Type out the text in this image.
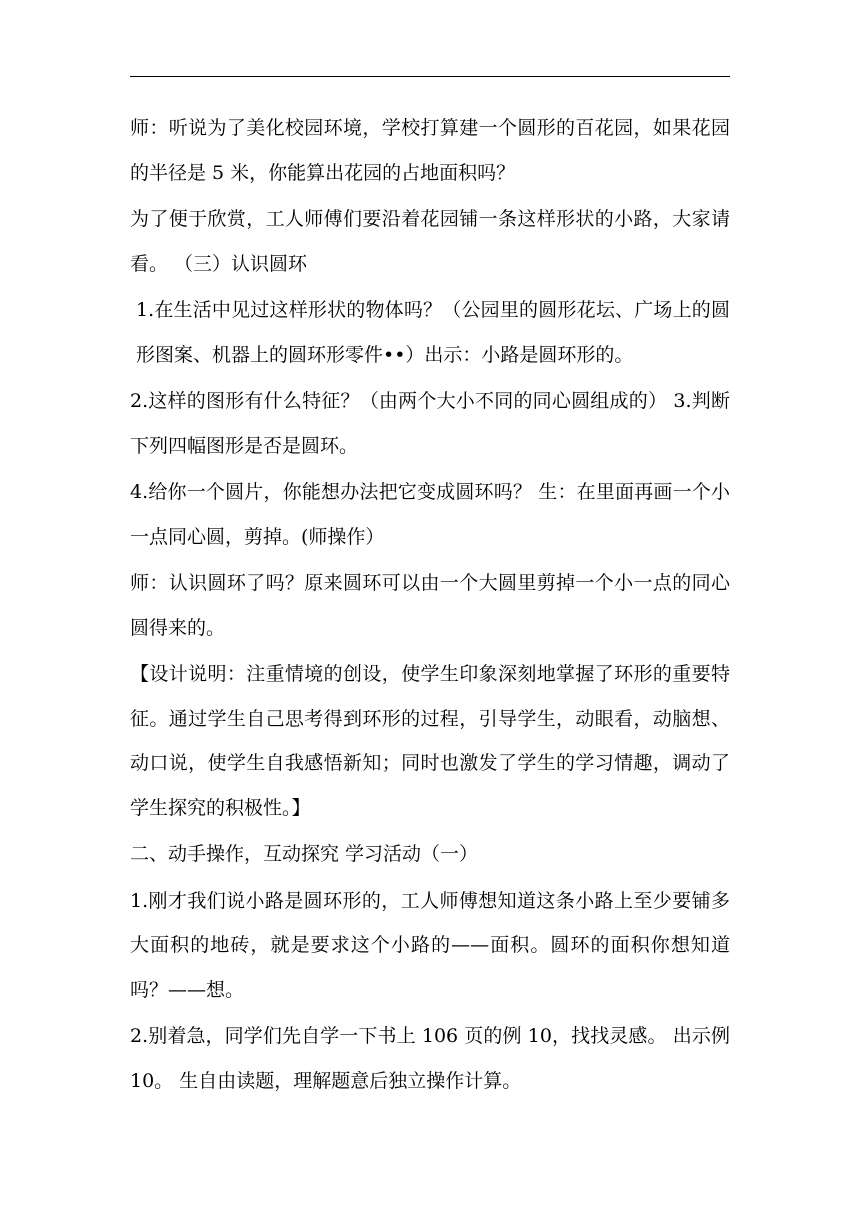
师：听说为了美化校园环境，学校打算建一个圆形的百花园，如果花园的半径是 5 米，你能算出花园的占地面积吗？

为了便于欣赏，工人师傅们要沿着花园铺一条这样形状的小路，大家请看。 （三）认识圆环

1.在生活中见过这样形状的物体吗？（公园里的圆形花坛、广场上的圆形图案、机器上的圆环形零件••）出示：小路是圆环形的。

2.这样的图形有什么特征？（由两个大小不同的同心圆组成的） 3.判断下列四幅图形是否是圆环。

4.给你一个圆片，你能想办法把它变成圆环吗？ 生：在里面再画一个小一点同心圆，剪掉。(师操作）

师：认识圆环了吗？原来圆环可以由一个大圆里剪掉一个小一点的同心圆得来的。

【设计说明：注重情境的创设，使学生印象深刻地掌握了环形的重要特征。通过学生自己思考得到环形的过程，引导学生，动眼看，动脑想、动口说，使学生自我感悟新知；同时也激发了学生的学习情趣，调动了学生探究的积极性。】

二、动手操作，互动探究 学习活动（一）

1.刚才我们说小路是圆环形的，工人师傅想知道这条小路上至少要铺多大面积的地砖，就是要求这个小路的——面积。圆环的面积你想知道吗？——想。

2.别着急，同学们先自学一下书上 106 页的例 10，找找灵感。 出示例 10。 生自由读题，理解题意后独立操作计算。
